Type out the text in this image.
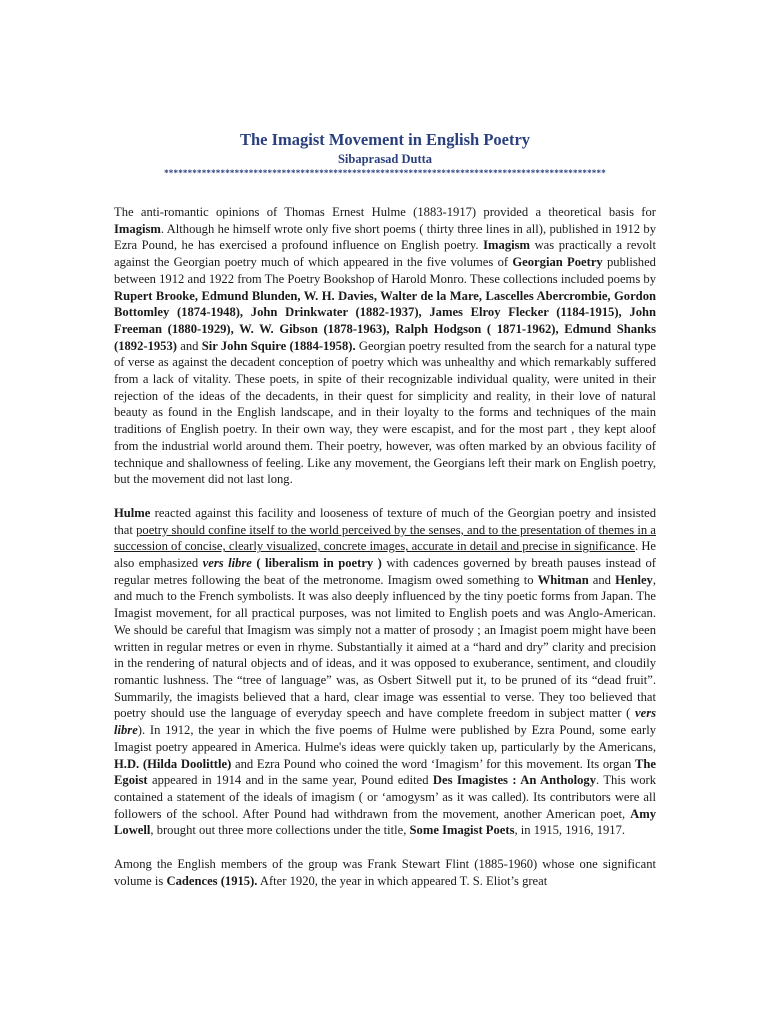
The Imagist Movement in English Poetry
Sibaprasad Dutta
**********************************************************************************************

The anti-romantic opinions of Thomas Ernest Hulme (1883-1917) provided a theoretical basis for Imagism. Although he himself wrote only five short poems ( thirty three lines in all), published in 1912 by Ezra Pound, he has exercised a profound influence on English poetry. Imagism was practically a revolt against the Georgian poetry much of which appeared in the five volumes of Georgian Poetry published between 1912 and 1922 from The Poetry Bookshop of Harold Monro. These collections included poems by Rupert Brooke, Edmund Blunden, W. H. Davies, Walter de la Mare, Lascelles Abercrombie, Gordon Bottomley (1874-1948), John Drinkwater (1882-1937), James Elroy Flecker (1184-1915), John Freeman (1880-1929), W. W. Gibson (1878-1963), Ralph Hodgson ( 1871-1962), Edmund Shanks (1892-1953) and Sir John Squire (1884-1958). Georgian poetry resulted from the search for a natural type of verse as against the decadent conception of poetry which was unhealthy and which remarkably suffered from a lack of vitality. These poets, in spite of their recognizable individual quality, were united in their rejection of the ideas of the decadents, in their quest for simplicity and reality, in their love of natural beauty as found in the English landscape, and in their loyalty to the forms and techniques of the main traditions of English poetry. In their own way, they were escapist, and for the most part , they kept aloof from the industrial world around them. Their poetry, however, was often marked by an obvious facility of technique and shallowness of feeling. Like any movement, the Georgians left their mark on English poetry, but the movement did not last long.

Hulme reacted against this facility and looseness of texture of much of the Georgian poetry and insisted that poetry should confine itself to the world perceived by the senses, and to the presentation of themes in a succession of concise, clearly visualized, concrete images, accurate in detail and precise in significance. He also emphasized vers libre ( liberalism in poetry ) with cadences governed by breath pauses instead of regular metres following the beat of the metronome. Imagism owed something to Whitman and Henley, and much to the French symbolists. It was also deeply influenced by the tiny poetic forms from Japan. The Imagist movement, for all practical purposes, was not limited to English poets and was Anglo-American. We should be careful that Imagism was simply not a matter of prosody ; an Imagist poem might have been written in regular metres or even in rhyme. Substantially it aimed at a “hard and dry” clarity and precision in the rendering of natural objects and of ideas, and it was opposed to exuberance, sentiment, and cloudily romantic lushness. The “tree of language” was, as Osbert Sitwell put it, to be pruned of its “dead fruit”. Summarily, the imagists believed that a hard, clear image was essential to verse. They too believed that poetry should use the language of everyday speech and have complete freedom in subject matter ( vers libre). In 1912, the year in which the five poems of Hulme were published by Ezra Pound, some early Imagist poetry appeared in America. Hulme's ideas were quickly taken up, particularly by the Americans, H.D. (Hilda Doolittle) and Ezra Pound who coined the word ‘Imagism’ for this movement. Its organ The Egoist appeared in 1914 and in the same year, Pound edited Des Imagistes : An Anthology. This work contained a statement of the ideals of imagism ( or ‘amogysm’ as it was called). Its contributors were all followers of the school. After Pound had withdrawn from the movement, another American poet, Amy Lowell, brought out three more collections under the title, Some Imagist Poets, in 1915, 1916, 1917.

Among the English members of the group was Frank Stewart Flint (1885-1960) whose one significant volume is Cadences (1915). After 1920, the year in which appeared T. S. Eliot’s great
